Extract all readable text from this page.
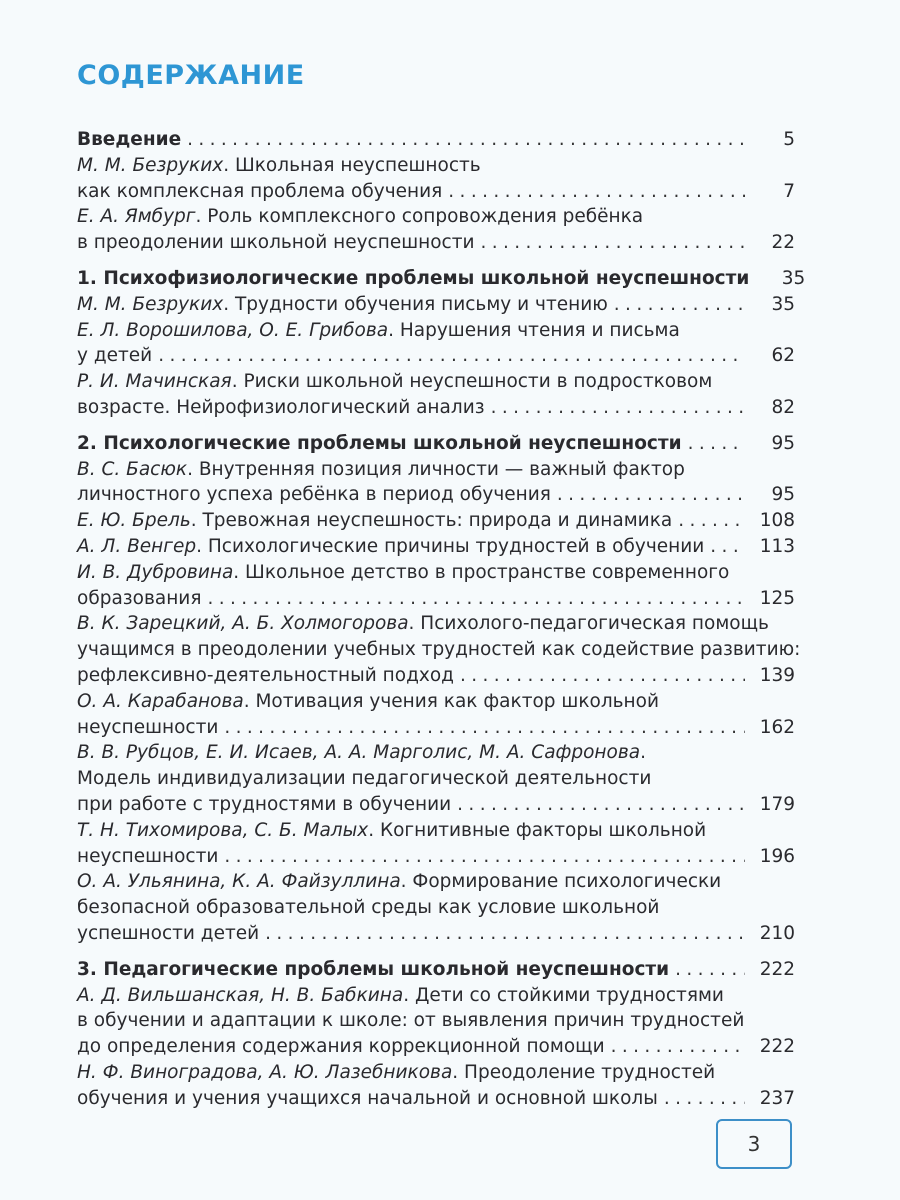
СОДЕРЖАНИЕ
Введение . . .	5
М. М. Безруких. Школьная неуспешность
как комплексная проблема обучения . . .	7
Е. А. Ямбург. Роль комплексного сопровождения ребёнка
в преодолении школьной неуспешности . . .	22
1. Психофизиологические проблемы школьной неуспешности . . .	35
М. М. Безруких. Трудности обучения письму и чтению . . .	35
Е. Л. Ворошилова, О. Е. Грибова. Нарушения чтения и письма
у детей . . .	62
Р. И. Мачинская. Риски школьной неуспешности в подростковом
возрасте. Нейрофизиологический анализ . . .	82
2. Психологические проблемы школьной неуспешности . . .	95
В. С. Басюк. Внутренняя позиция личности — важный фактор
личностного успеха ребёнка в период обучения . . .	95
Е. Ю. Брель. Тревожная неуспешность: природа и динамика . . .	108
А. Л. Венгер. Психологические причины трудностей в обучении . . .	113
И. В. Дубровина. Школьное детство в пространстве современного
образования . . .	125
В. К. Зарецкий, А. Б. Холмогорова. Психолого-педагогическая помощь
учащимся в преодолении учебных трудностей как содействие развитию:
рефлексивно-деятельностный подход . . .	139
О. А. Карабанова. Мотивация учения как фактор школьной
неуспешности . . .	162
В. В. Рубцов, Е. И. Исаев, А. А. Марголис, М. А. Сафронова.
Модель индивидуализации педагогической деятельности
при работе с трудностями в обучении . . .	179
Т. Н. Тихомирова, С. Б. Малых. Когнитивные факторы школьной
неуспешности . . .	196
О. А. Ульянина, К. А. Файзуллина. Формирование психологически
безопасной образовательной среды как условие школьной
успешности детей . . .	210
3. Педагогические проблемы школьной неуспешности . . .	222
А. Д. Вильшанская, Н. В. Бабкина. Дети со стойкими трудностями
в обучении и адаптации к школе: от выявления причин трудностей
до определения содержания коррекционной помощи . . .	222
Н. Ф. Виноградова, А. Ю. Лазебникова. Преодоление трудностей
обучения и учения учащихся начальной и основной школы . . .	237
3
